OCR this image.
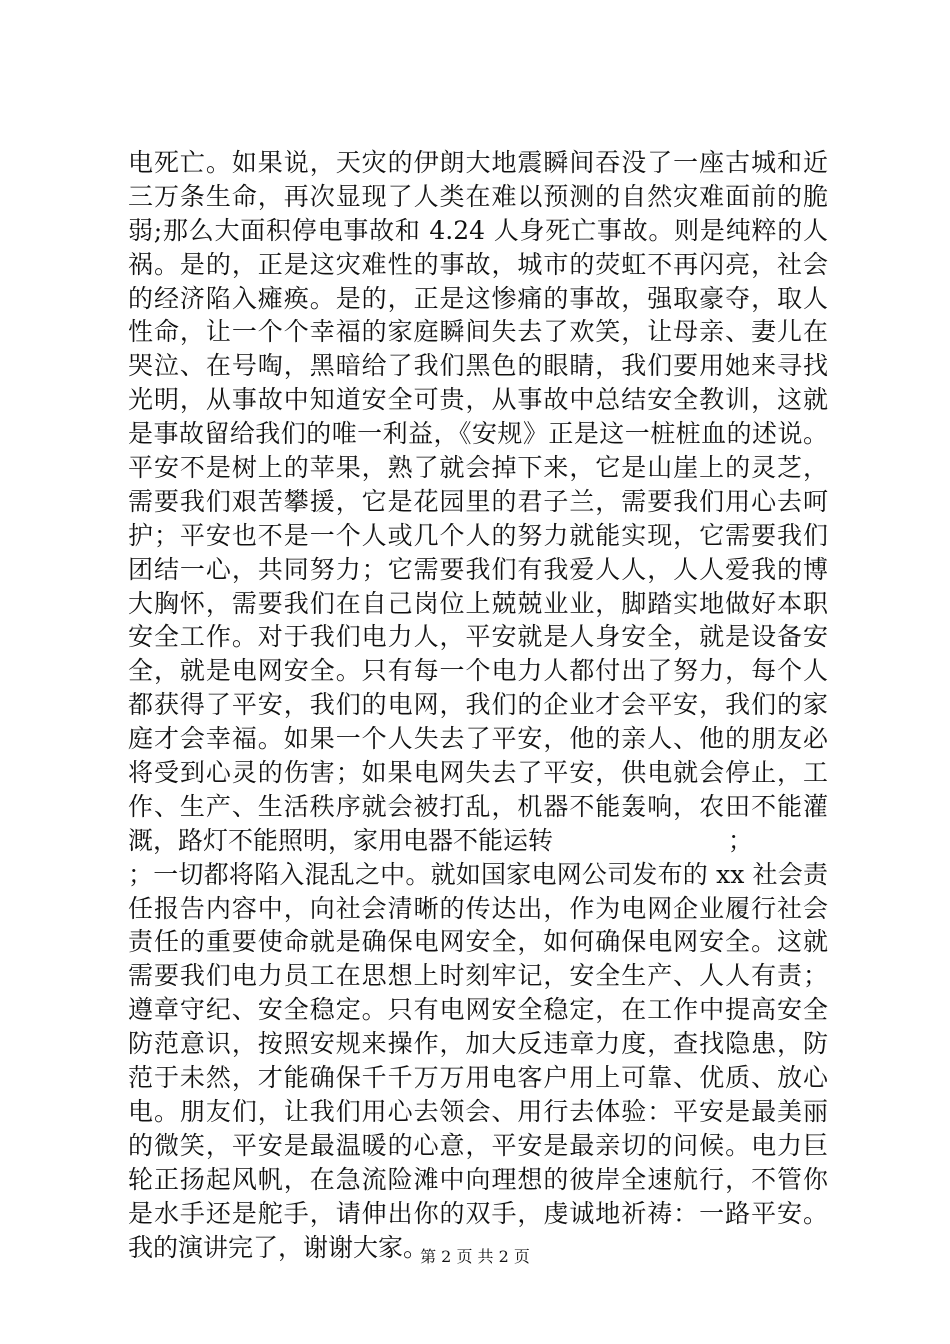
电死亡。如果说，天灾的伊朗大地震瞬间吞没了一座古城和近
三万条生命，再次显现了人类在难以预测的自然灾难面前的脆
弱;那么大面积停电事故和 4.24 人身死亡事故。则是纯粹的人
祸。是的，正是这灾难性的事故，城市的荧虹不再闪亮，社会
的经济陷入瘫痪。是的，正是这惨痛的事故，强取豪夺，取人
性命，让一个个幸福的家庭瞬间失去了欢笑，让母亲、妻儿在
哭泣、在号啕，黑暗给了我们黑色的眼睛，我们要用她来寻找
光明，从事故中知道安全可贵，从事故中总结安全教训，这就
是事故留给我们的唯一利益，《安规》正是这一桩桩血的述说。
平安不是树上的苹果，熟了就会掉下来，它是山崖上的灵芝，
需要我们艰苦攀援，它是花园里的君子兰，需要我们用心去呵
护；平安也不是一个人或几个人的努力就能实现，它需要我们
团结一心，共同努力；它需要我们有我爱人人，人人爱我的博
大胸怀，需要我们在自己岗位上兢兢业业，脚踏实地做好本职
安全工作。对于我们电力人，平安就是人身安全，就是设备安
全，就是电网安全。只有每一个电力人都付出了努力，每个人
都获得了平安，我们的电网，我们的企业才会平安，我们的家
庭才会幸福。如果一个人失去了平安，他的亲人、他的朋友必
将受到心灵的伤害；如果电网失去了平安，供电就会停止，工
作、生产、生活秩序就会被打乱，机器不能轰响，农田不能灌
溉，路灯不能照明，家用电器不能运转                      ；
；一切都将陷入混乱之中。就如国家电网公司发布的 xx 社会责
任报告内容中，向社会清晰的传达出，作为电网企业履行社会
责任的重要使命就是确保电网安全，如何确保电网安全。这就
需要我们电力员工在思想上时刻牢记，安全生产、人人有责；
遵章守纪、安全稳定。只有电网安全稳定，在工作中提高安全
防范意识，按照安规来操作，加大反违章力度，查找隐患，防
范于未然，才能确保千千万万用电客户用上可靠、优质、放心
电。朋友们，让我们用心去领会、用行去体验：平安是最美丽
的微笑，平安是最温暖的心意，平安是最亲切的问候。电力巨
轮正扬起风帆，在急流险滩中向理想的彼岸全速航行，不管你
是水手还是舵手，请伸出你的双手，虔诚地祈祷：一路平安。
我的演讲完了，谢谢大家。
第 2 页 共 2 页
